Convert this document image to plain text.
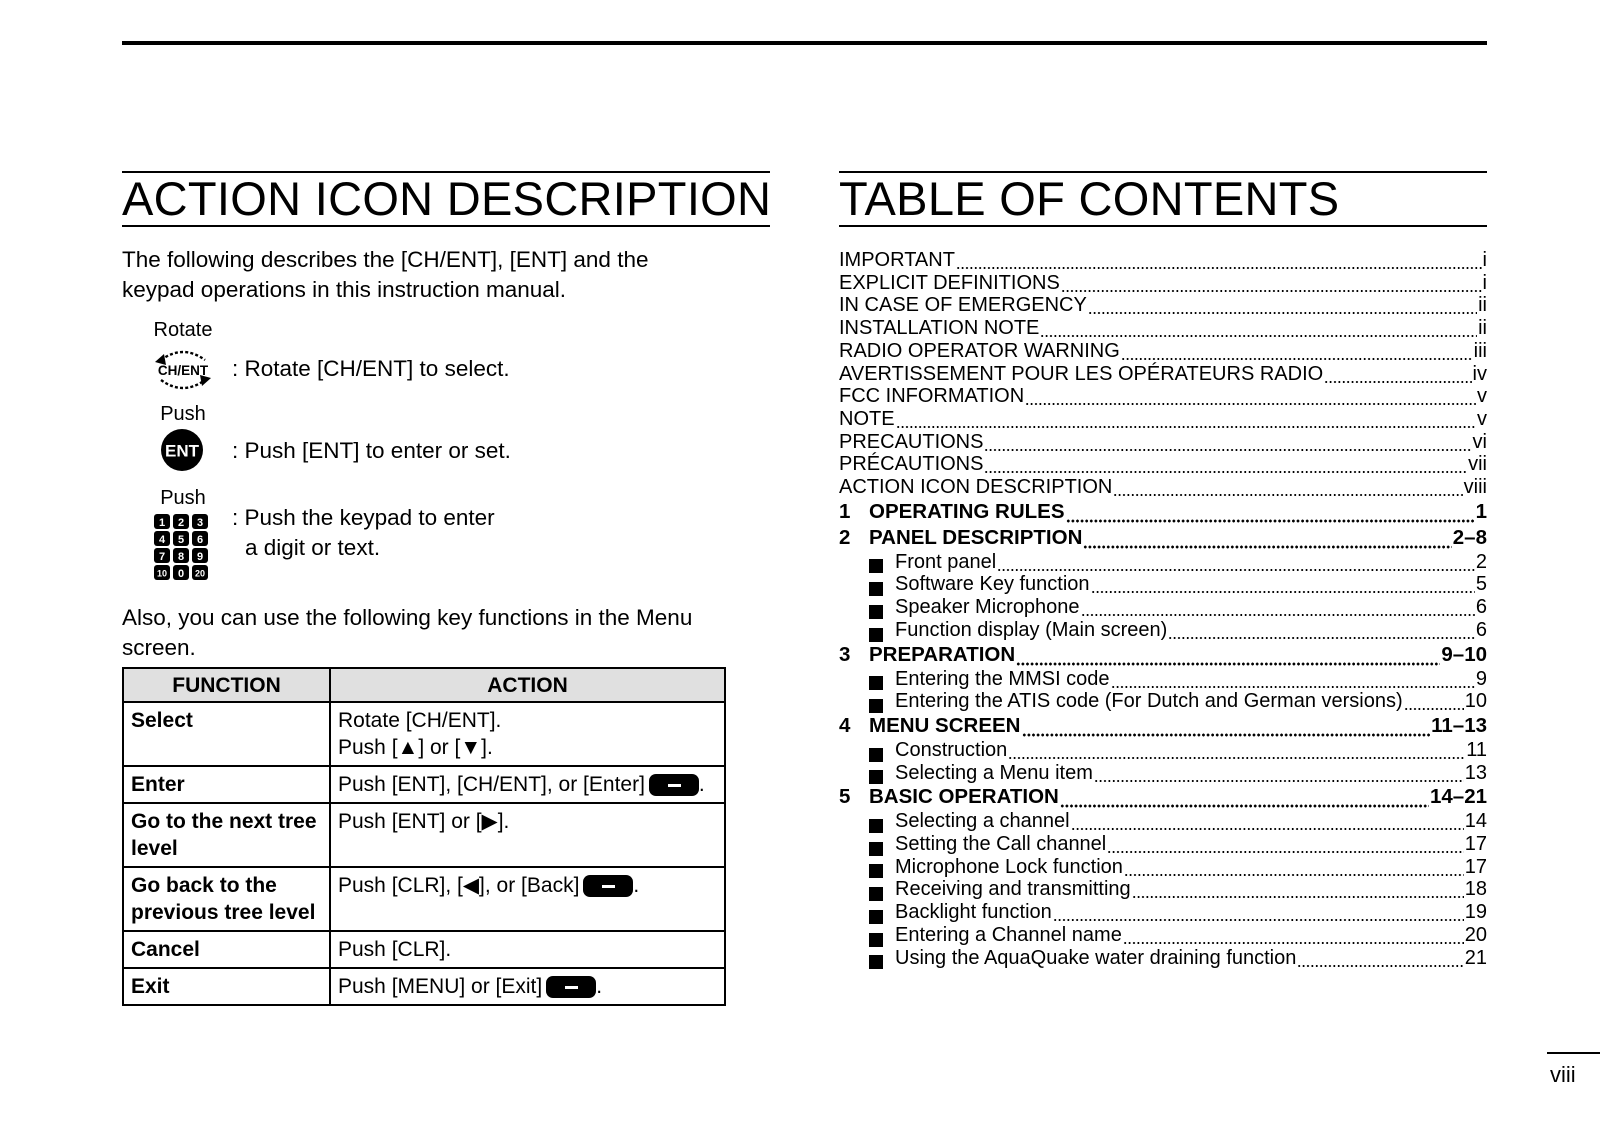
ACTION ICON DESCRIPTION
The following describes the [CH/ENT], [ENT] and the
keypad operations in this instruction manual.
Rotate
CH/ENT : Rotate [CH/ENT] to select.
Push
ENT : Push [ENT] to enter or set.
Push
1 2 3
4 5 6
7 8 9
10 0 20
: Push the keypad to enter
a digit or text.
Also, you can use the following key functions in the Menu
screen.
FUNCTION	ACTION
Select	Rotate [CH/ENT].
Push [▲] or [▼].

Enter	Push [ENT], [CH/ENT], or [Enter] .

Go to the next tree
level	Push [ENT] or [▶].

Go back to the
previous tree level	Push [CLR], [◀], or [Back] .
Cancel	Push [CLR].
Exit	Push [MENU] or [Exit] .
TABLE OF CONTENTS
IMPORTANT	i
EXPLICIT DEFINITIONS	i
IN CASE OF EMERGENCY	ii
INSTALLATION NOTE	ii
RADIO OPERATOR WARNING	iii
AVERTISSEMENT POUR LES OPÉRATEURS RADIO	iv
FCC INFORMATION	v
NOTE	v
PRECAUTIONS	vi
PRÉCAUTIONS	vii
ACTION ICON DESCRIPTION	viii
1 OPERATING RULES	1
2 PANEL DESCRIPTION	2–8
Front panel	2
Software Key function	5
Speaker Microphone	6
Function display (Main screen)	6
3 PREPARATION	9–10
Entering the MMSI code	9
Entering the ATIS code (For Dutch and German versions)	10
4 MENU SCREEN	11–13
Construction	11
Selecting a Menu item	13
5 BASIC OPERATION	14–21
Selecting a channel	14
Setting the Call channel	17
Microphone Lock function	17
Receiving and transmitting	18
Backlight function	19
Entering a Channel name	20
Using the AquaQuake water draining function	21
viii
